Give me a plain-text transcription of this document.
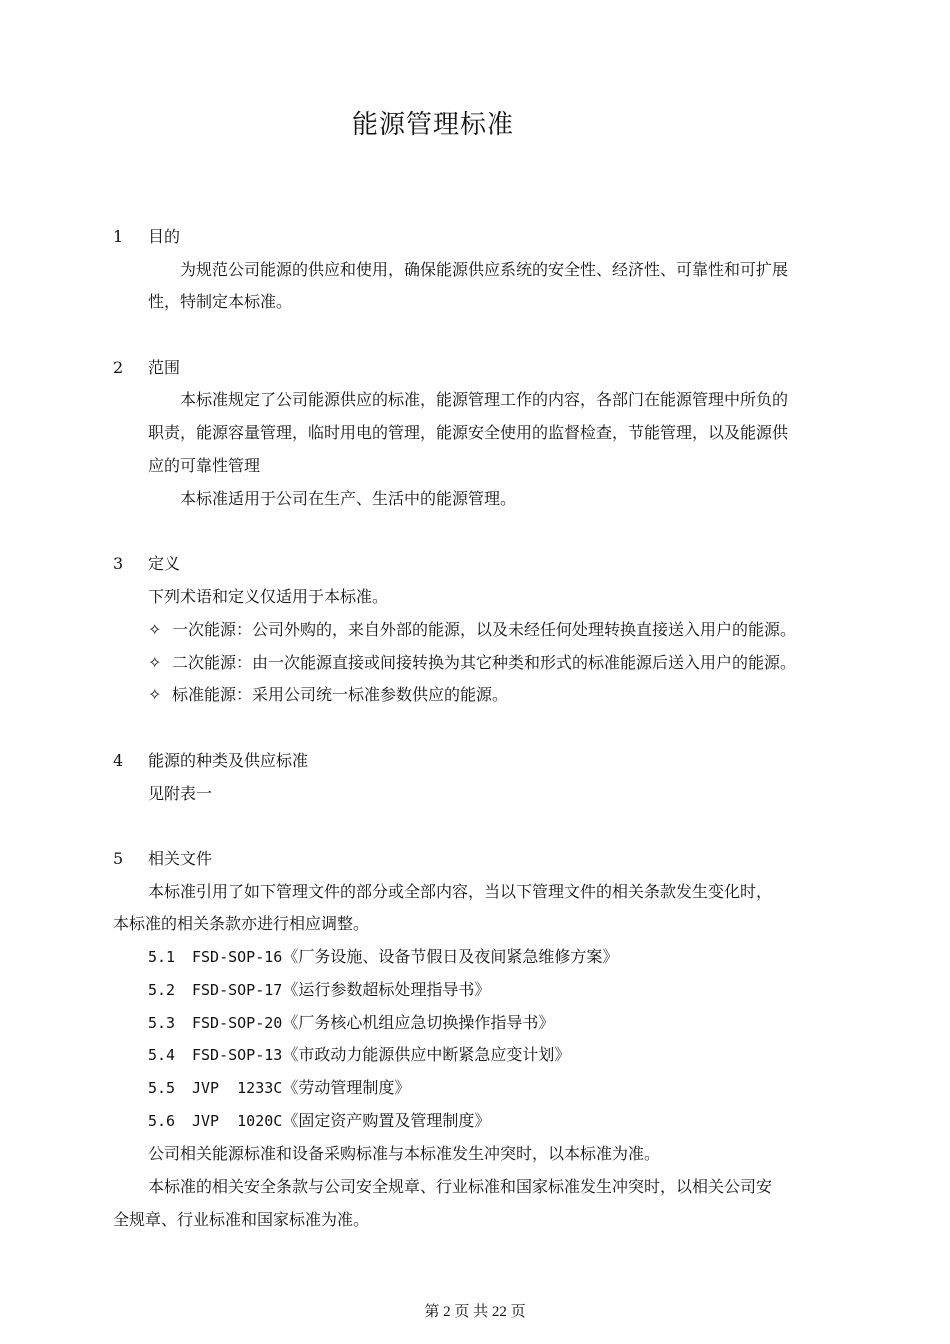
能源管理标准
1 目的
为规范公司能源的供应和使用，确保能源供应系统的安全性、经济性、可靠性和可扩展
性，特制定本标准。
2 范围
本标准规定了公司能源供应的标准，能源管理工作的内容，各部门在能源管理中所负的
职责，能源容量管理，临时用电的管理，能源安全使用的监督检查，节能管理，以及能源供
应的可靠性管理
本标准适用于公司在生产、生活中的能源管理。
3 定义
下列术语和定义仅适用于本标准。
✧ 一次能源：公司外购的，来自外部的能源，以及未经任何处理转换直接送入用户的能源。
✧ 二次能源：由一次能源直接或间接转换为其它种类和形式的标准能源后送入用户的能源。
✧ 标准能源：采用公司统一标准参数供应的能源。
4 能源的种类及供应标准
见附表一
5 相关文件
本标准引用了如下管理文件的部分或全部内容，当以下管理文件的相关条款发生变化时，
本标准的相关条款亦进行相应调整。
5.1 FSD-SOP-16《厂务设施、设备节假日及夜间紧急维修方案》
5.2 FSD-SOP-17《运行参数超标处理指导书》
5.3 FSD-SOP-20《厂务核心机组应急切换操作指导书》
5.4 FSD-SOP-13《市政动力能源供应中断紧急应变计划》
5.5 JVP  1233C《劳动管理制度》
5.6 JVP  1020C《固定资产购置及管理制度》
公司相关能源标准和设备采购标准与本标准发生冲突时，以本标准为准。
本标准的相关安全条款与公司安全规章、行业标准和国家标准发生冲突时，以相关公司安
全规章、行业标准和国家标准为准。
第 2 页 共 22 页
